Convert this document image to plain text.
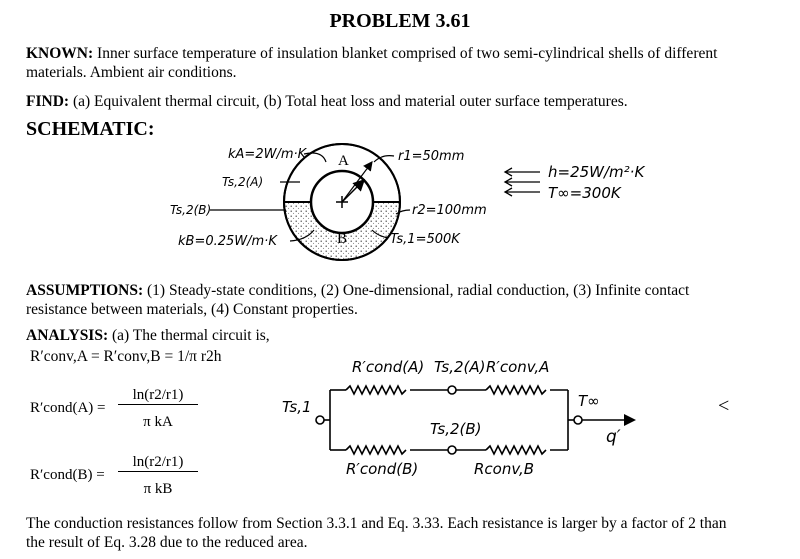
PROBLEM 3.61
KNOWN: Inner surface temperature of insulation blanket comprised of two semi-cylindrical shells of different
materials. Ambient air conditions.
FIND: (a) Equivalent thermal circuit, (b) Total heat loss and material outer surface temperatures.
SCHEMATIC:
A
B
kA=2W/m·K
Ts,2(A)
Ts,2(B)
kB=0.25W/m·K
r1=50mm
r2=100mm
Ts,1=500K
h=25W/m²·K
T∞=300K
ASSUMPTIONS: (1) Steady-state conditions, (2) One-dimensional, radial conduction, (3) Infinite contact
resistance between materials, (4) Constant properties.
ANALYSIS: (a) The thermal circuit is,
R′conv,A = R′conv,B = 1/π r2h
R′cond(A) =
ln(r2/r1)
π kA
R′cond(B) =
ln(r2/r1)
π kB
Ts,1
R′cond(A) Ts,2(A) R′conv,A
T∞
Ts,2(B)
R′cond(B)	Rconv,B
q′
<
The conduction resistances follow from Section 3.3.1 and Eq. 3.33. Each resistance is larger by a factor of 2 than
the result of Eq. 3.28 due to the reduced area.
